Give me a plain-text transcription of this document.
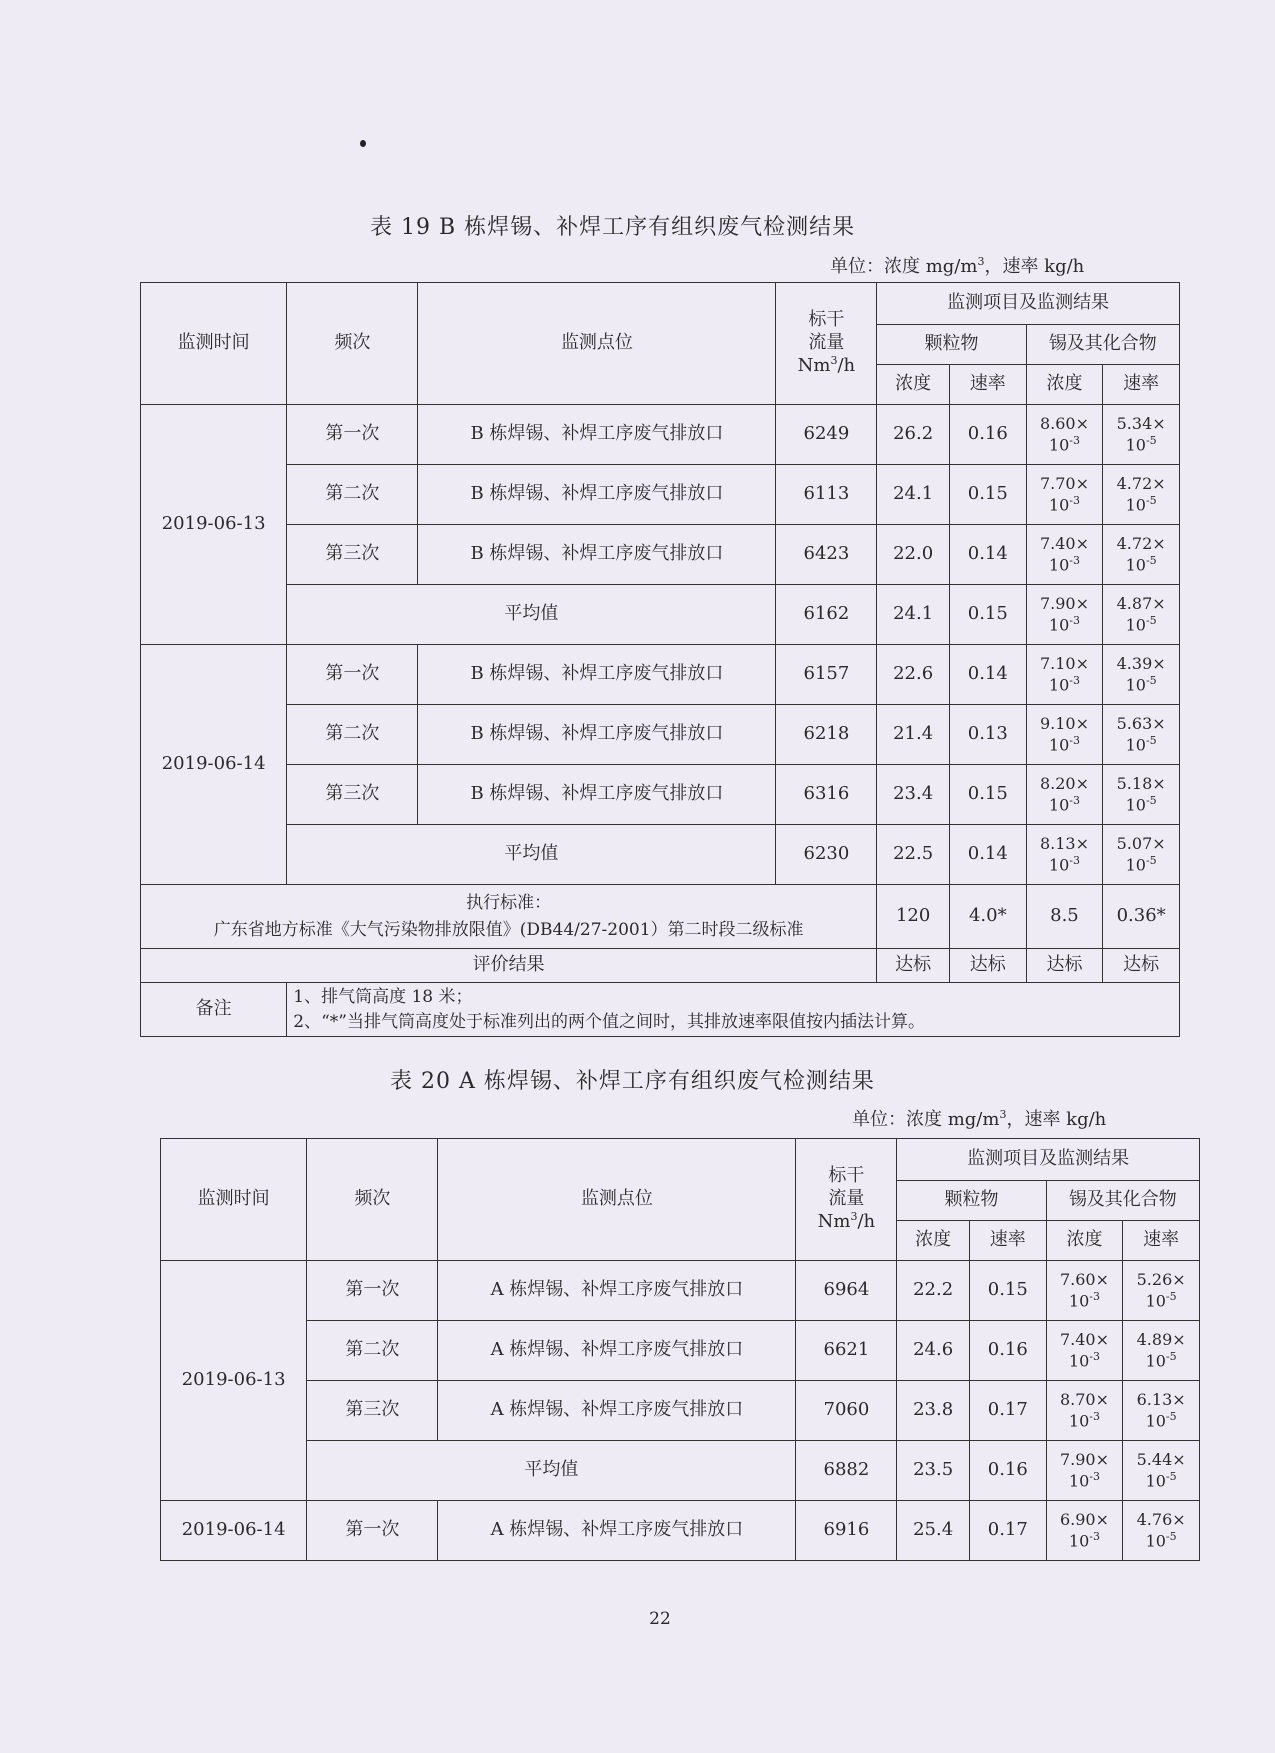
表 19 B 栋焊锡、补焊工序有组织废气检测结果
单位：浓度 $mg/m^3$，速率 kg/h
监测时间	频次	监测点位	标干
流量
Nm$^3$/h	监测项目及监测结果			
				颗粒物		锡及其化合物	
				浓度	速率	浓度	速率
2019-06-13	第一次	B 栋焊锡、补焊工序废气排放口	6249	26.2	0.16	8.60×
$10^{-3}$	5.34×
$10^{-5}$

	第二次	B 栋焊锡、补焊工序废气排放口	6113	24.1	0.15	7.70×
$10^{-3}$	4.72×
$10^{-5}$

	第三次	B 栋焊锡、补焊工序废气排放口	6423	22.0	0.14	7.40×
$10^{-3}$	4.72×
$10^{-5}$

	平均值		6162	24.1	0.15	7.90×
$10^{-3}$	4.87×
$10^{-5}$

2019-06-14	第一次	B 栋焊锡、补焊工序废气排放口	6157	22.6	0.14	7.10×
$10^{-3}$	4.39×
$10^{-5}$

	第二次	B 栋焊锡、补焊工序废气排放口	6218	21.4	0.13	9.10×
$10^{-3}$	5.63×
$10^{-5}$

	第三次	B 栋焊锡、补焊工序废气排放口	6316	23.4	0.15	8.20×
$10^{-3}$	5.18×
$10^{-5}$

	平均值		6230	22.5	0.14	8.13×
$10^{-3}$	5.07×
$10^{-5}$

执行标准：
广东省地方标准《大气污染物排放限值》(DB44/27-2001）第二时段二级标准				120	4.0*	8.5	0.36*
评价结果				达标	达标	达标	达标
备注	1、排气筒高度 18 米；
2、“*”当排气筒高度处于标准列出的两个值之间时，其排放速率限值按内插法计算。						
表 20 A 栋焊锡、补焊工序有组织废气检测结果
单位：浓度 $mg/m^3$，速率 kg/h
监测时间	频次	监测点位	标干
流量
Nm$^3$/h	监测项目及监测结果			
				颗粒物		锡及其化合物	
				浓度	速率	浓度	速率
2019-06-13	第一次	A 栋焊锡、补焊工序废气排放口	6964	22.2	0.15	7.60×
$10^{-3}$	5.26×
$10^{-5}$

	第二次	A 栋焊锡、补焊工序废气排放口	6621	24.6	0.16	7.40×
$10^{-3}$	4.89×
$10^{-5}$

	第三次	A 栋焊锡、补焊工序废气排放口	7060	23.8	0.17	8.70×
$10^{-3}$	6.13×
$10^{-5}$

	平均值		6882	23.5	0.16	7.90×
$10^{-3}$	5.44×
$10^{-5}$

2019-06-14	第一次	A 栋焊锡、补焊工序废气排放口	6916	25.4	0.17	6.90×
$10^{-3}$	4.76×
$10^{-5}$
22
